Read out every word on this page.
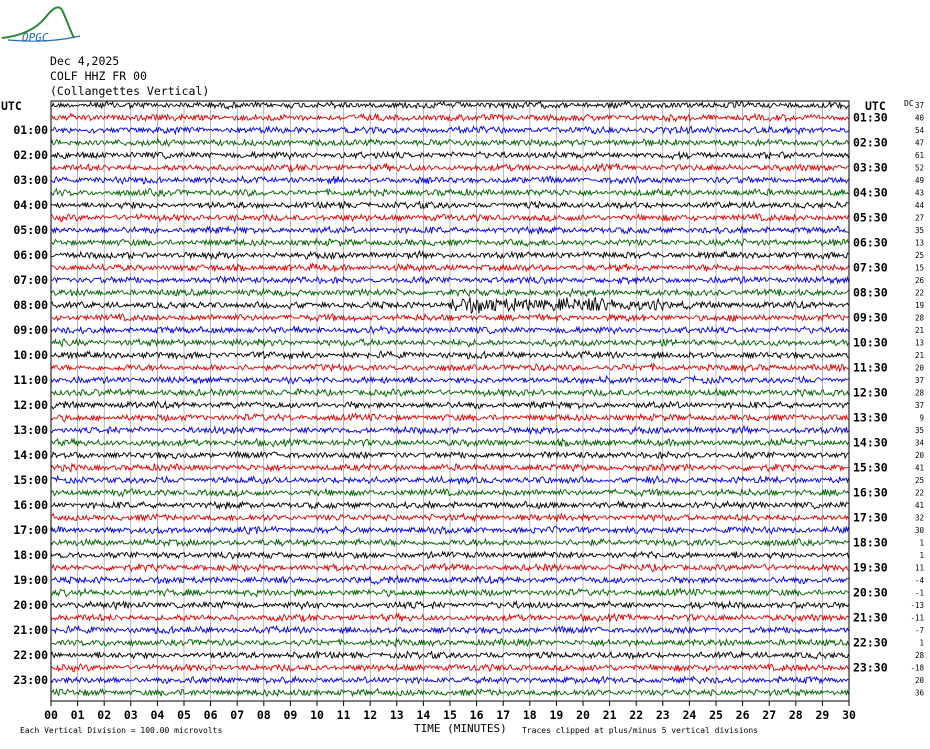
OPGC
Dec 4,2025
COLF HHZ FR 00
(Collangettes Vertical)
UTC	UTC DC
01:00
02:00
03:00
04:00
05:00
06:00
07:00
08:00
09:00
10:00
11:00
12:00
13:00
14:00
15:00
16:00
17:00
18:00
19:00
20:00
21:00
22:00
23:00
01:30
02:30
03:30
04:30
05:30
06:30
07:30
08:30
09:30
10:30
11:30
12:30
13:30
14:30
15:30
16:30
17:30
18:30
19:30
20:30
21:30
22:30
23:30
37
40
54
47
61
52
49
43
44
27
35
13
25
15
26
22
19
28
21
13
21
20
37
28
37
9
35
34
20
41
25
22
41
32
30
1
1
11
-4
-1
-13
-11
-7
1
28
-18
20
36
00 01 02 03 04 05 06 07 08 09 10 11 12 13 14 15 16 17 18 19 20 21 22 23 24 25 26 27 28 29 30
Each Vertical Division = 100.00 microvolts	TIME (MINUTES) Traces clipped at plus/minus 5 vertical divisions
